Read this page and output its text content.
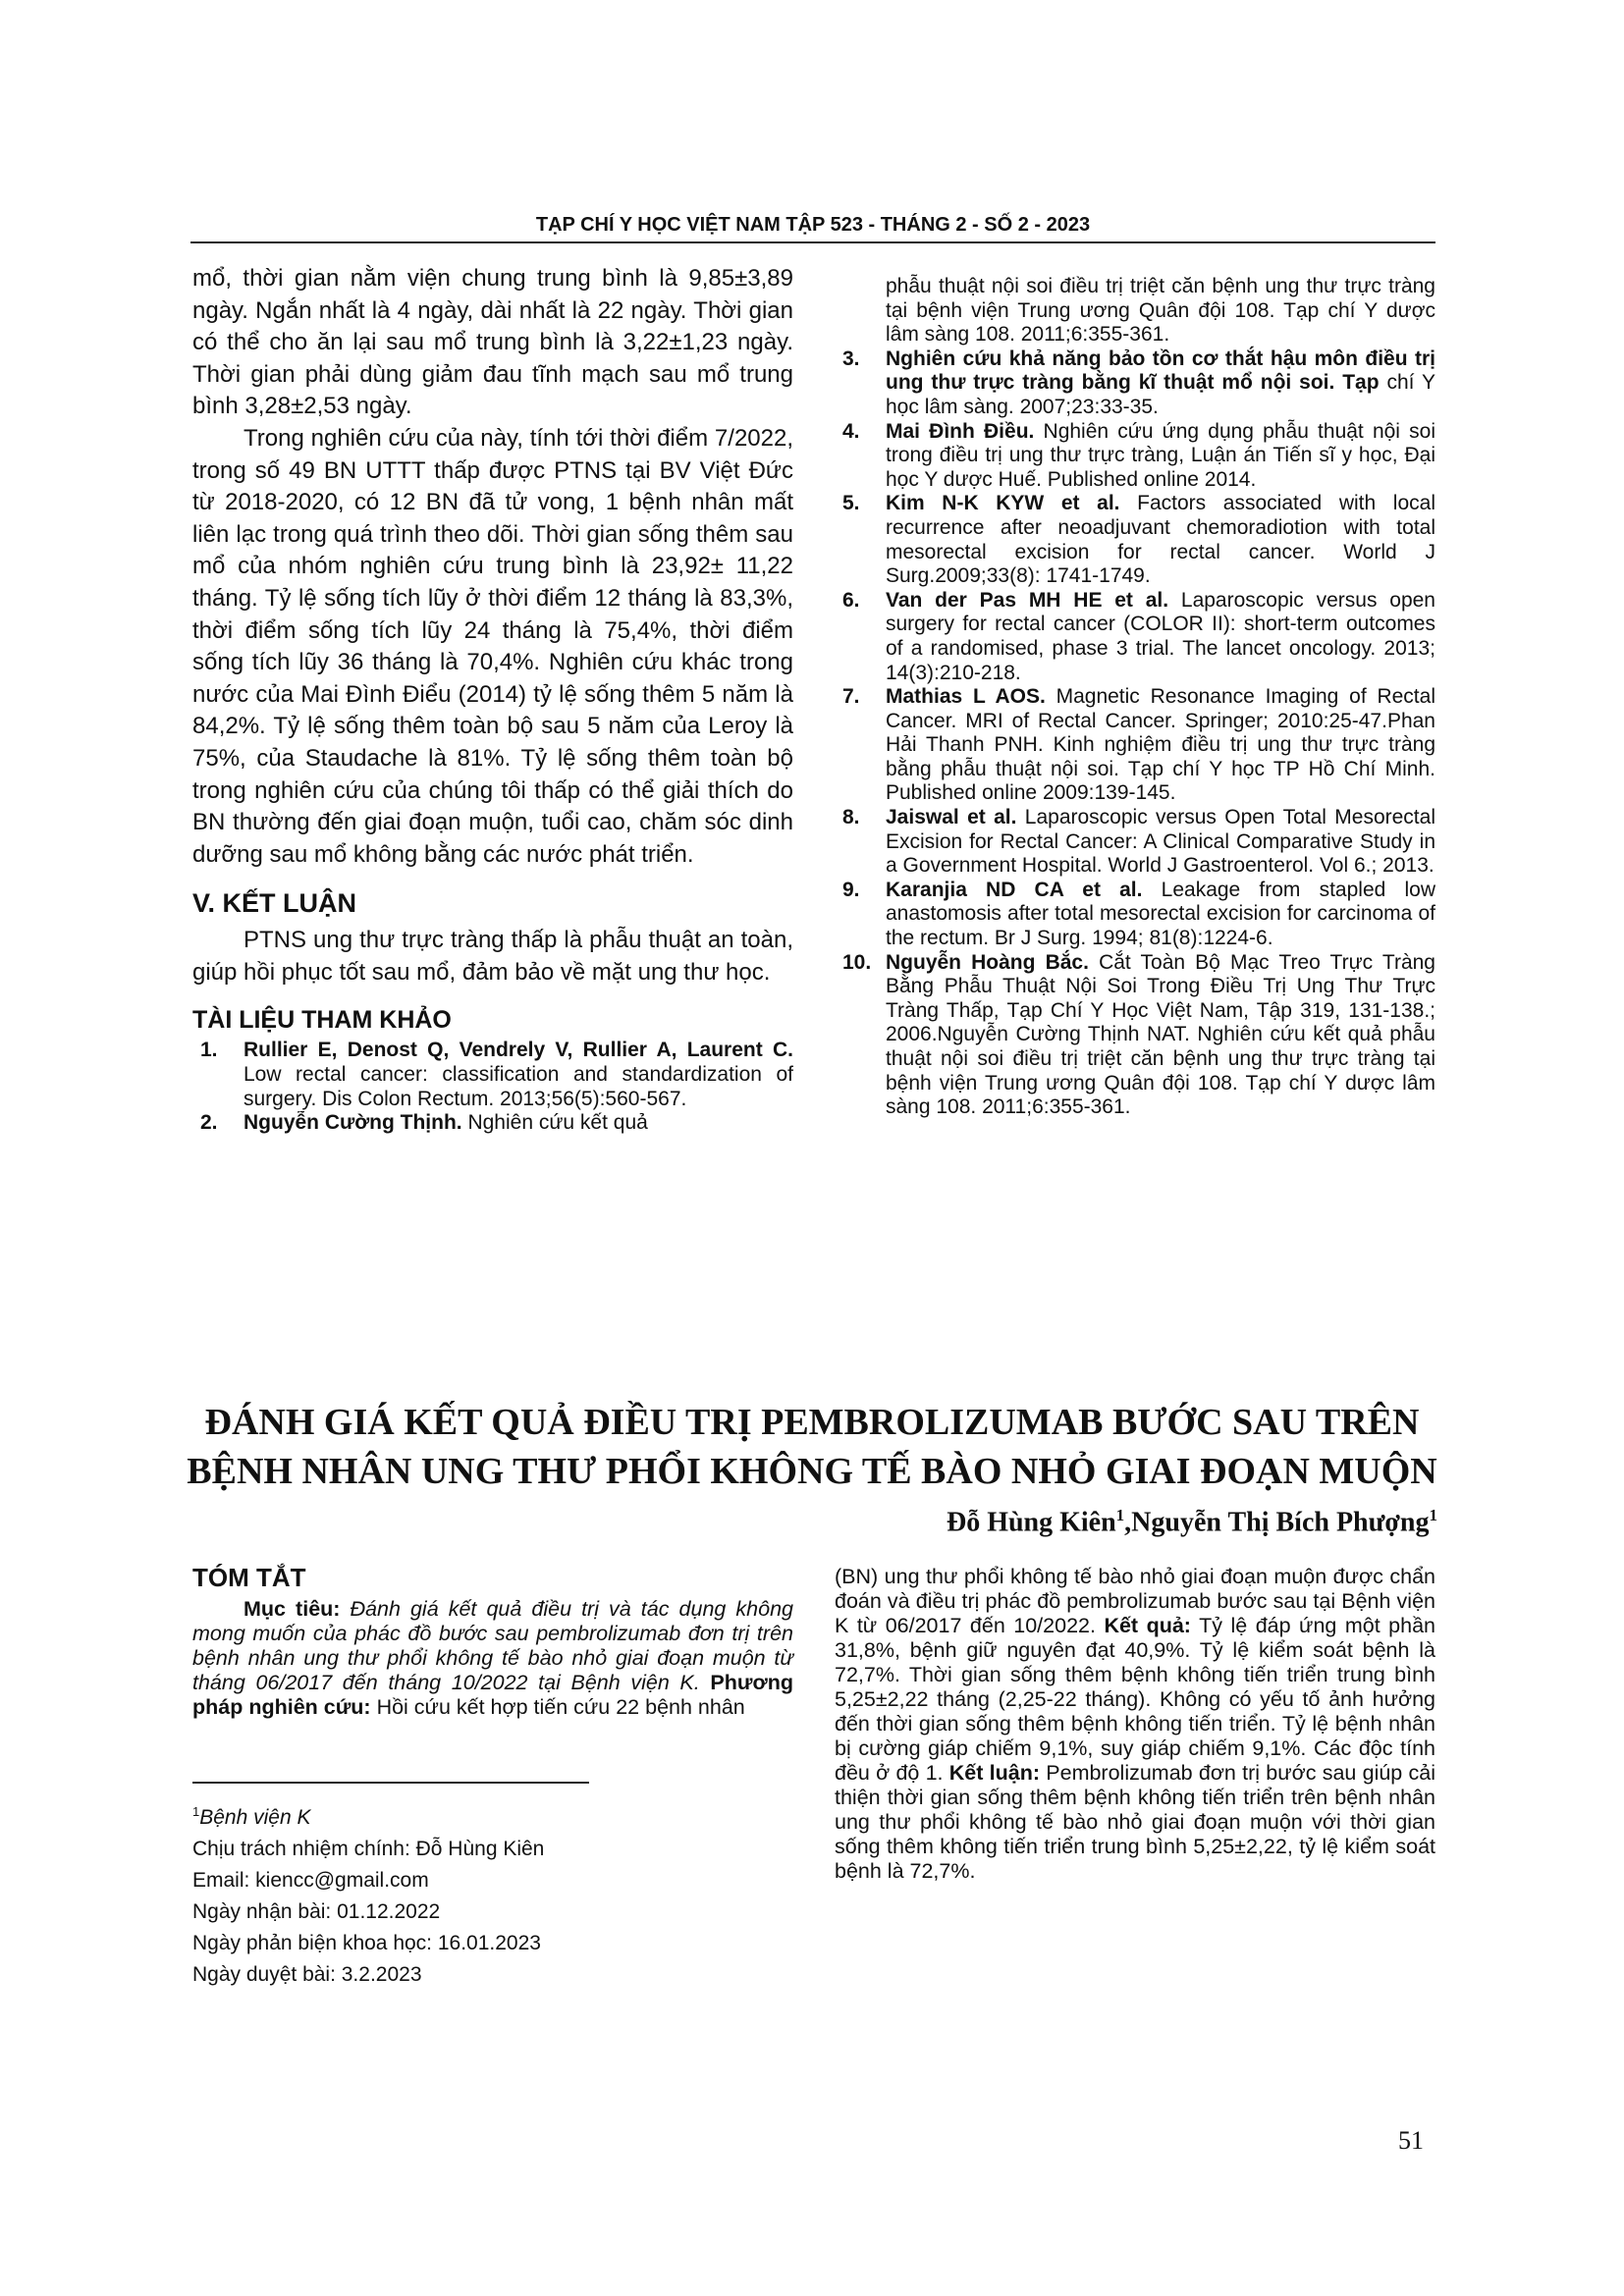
TẠP CHÍ Y HỌC VIỆT NAM TẬP 523 - THÁNG 2 - SỐ 2 - 2023

mổ, thời gian nằm viện chung trung bình là 9,85±3,89 ngày. Ngắn nhất là 4 ngày, dài nhất là 22 ngày. Thời gian có thể cho ăn lại sau mổ trung bình là 3,22±1,23 ngày. Thời gian phải dùng giảm đau tĩnh mạch sau mổ trung bình 3,28±2,53 ngày.

Trong nghiên cứu của này, tính tới thời điểm 7/2022, trong số 49 BN UTTT thấp được PTNS tại BV Việt Đức từ 2018-2020, có 12 BN đã tử vong, 1 bệnh nhân mất liên lạc trong quá trình theo dõi. Thời gian sống thêm sau mổ của nhóm nghiên cứu trung bình là 23,92± 11,22 tháng. Tỷ lệ sống tích lũy ở thời điểm 12 tháng là 83,3%, thời điểm sống tích lũy 24 tháng là 75,4%, thời điểm sống tích lũy 36 tháng là 70,4%. Nghiên cứu khác trong nước của Mai Đình Điểu (2014) tỷ lệ sống thêm 5 năm là 84,2%. Tỷ lệ sống thêm toàn bộ sau 5 năm của Leroy là 75%, của Staudache là 81%. Tỷ lệ sống thêm toàn bộ trong nghiên cứu của chúng tôi thấp có thể giải thích do BN thường đến giai đoạn muộn, tuổi cao, chăm sóc dinh dưỡng sau mổ không bằng các nước phát triển.

V. KẾT LUẬN

PTNS ung thư trực tràng thấp là phẫu thuật an toàn, giúp hồi phục tốt sau mổ, đảm bảo về mặt ung thư học.

TÀI LIỆU THAM KHẢO
1.	Rullier E, Denost Q, Vendrely V, Rullier A, Laurent C. Low rectal cancer: classification and standardization of surgery. Dis Colon Rectum. 2013;56(5):560-567.
2.	Nguyễn Cường Thịnh. Nghiên cứu kết quả
phẫu thuật nội soi điều trị triệt căn bệnh ung thư trực tràng tại bệnh viện Trung ương Quân đội 108. Tạp chí Y dược lâm sàng 108. 2011;6:355-361.
3.	Nghiên cứu khả năng bảo tồn cơ thắt hậu môn điều trị ung thư trực tràng bằng kĩ thuật mổ nội soi. Tạp chí Y học lâm sàng. 2007;23:33-35.
4.	Mai Đình Điều. Nghiên cứu ứng dụng phẫu thuật nội soi trong điều trị ung thư trực tràng, Luận án Tiến sĩ y học, Đại học Y dược Huế. Published online 2014.
5.	Kim N-K KYW et al. Factors associated with local recurrence after neoadjuvant chemoradiotion with total mesorectal excision for rectal cancer. World J Surg.2009;33(8): 1741-1749.
6.	Van der Pas MH HE et al. Laparoscopic versus open surgery for rectal cancer (COLOR II): short-term outcomes of a randomised, phase 3 trial. The lancet oncology. 2013; 14(3):210-218.
7.	Mathias L AOS. Magnetic Resonance Imaging of Rectal Cancer. MRI of Rectal Cancer. Springer; 2010:25-47.Phan Hải Thanh PNH. Kinh nghiệm điều trị ung thư trực tràng bằng phẫu thuật nội soi. Tạp chí Y học TP Hồ Chí Minh. Published online 2009:139-145.
8.	Jaiswal et al. Laparoscopic versus Open Total Mesorectal Excision for Rectal Cancer: A Clinical Comparative Study in a Government Hospital. World J Gastroenterol. Vol 6.; 2013.
9.	Karanjia ND CA et al. Leakage from stapled low anastomosis after total mesorectal excision for carcinoma of the rectum. Br J Surg. 1994; 81(8):1224-6.
10. Nguyễn Hoàng Bắc. Cắt Toàn Bộ Mạc Treo Trực Tràng Bằng Phẫu Thuật Nội Soi Trong Điều Trị Ung Thư Trực Tràng Thấp, Tạp Chí Y Học Việt Nam, Tập 319, 131-138.; 2006.Nguyễn Cường Thịnh NAT. Nghiên cứu kết quả phẫu thuật nội soi điều trị triệt căn bệnh ung thư trực tràng tại bệnh viện Trung ương Quân đội 108. Tạp chí Y dược lâm sàng 108. 2011;6:355-361.
ĐÁNH GIÁ KẾT QUẢ ĐIỀU TRỊ PEMBROLIZUMAB BƯỚC SAU TRÊN
BỆNH NHÂN UNG THƯ PHỔI KHÔNG TẾ BÀO NHỎ GIAI ĐOẠN MUỘN
Đỗ Hùng Kiên$^1$,Nguyễn Thị Bích Phượng$^1$
TÓM TẮT
Mục tiêu: Đánh giá kết quả điều trị và tác dụng không mong muốn của phác đồ bước sau pembrolizumab đơn trị trên bệnh nhân ung thư phổi không tế bào nhỏ giai đoạn muộn từ tháng 06/2017 đến tháng 10/2022 tại Bệnh viện K. Phương pháp nghiên cứu: Hồi cứu kết hợp tiến cứu 22 bệnh nhân
$^1$Bệnh viện K
Chịu trách nhiệm chính: Đỗ Hùng Kiên
Email: kiencc@gmail.com
Ngày nhận bài: 01.12.2022
Ngày phản biện khoa học: 16.01.2023
Ngày duyệt bài: 3.2.2023
(BN) ung thư phổi không tế bào nhỏ giai đoạn muộn được chẩn đoán và điều trị phác đồ pembrolizumab bước sau tại Bệnh viện K từ 06/2017 đến 10/2022. Kết quả: Tỷ lệ đáp ứng một phần 31,8%, bệnh giữ nguyên đạt 40,9%. Tỷ lệ kiểm soát bệnh là 72,7%. Thời gian sống thêm bệnh không tiến triển trung bình 5,25±2,22 tháng (2,25-22 tháng). Không có yếu tố ảnh hưởng đến thời gian sống thêm bệnh không tiến triển. Tỷ lệ bệnh nhân bị cường giáp chiếm 9,1%, suy giáp chiếm 9,1%. Các độc tính đều ở độ 1. Kết luận: Pembrolizumab đơn trị bước sau giúp cải thiện thời gian sống thêm bệnh không tiến triển trên bệnh nhân ung thư phổi không tế bào nhỏ giai đoạn muộn với thời gian sống thêm không tiến triển trung bình 5,25±2,22, tỷ lệ kiểm soát bệnh là 72,7%.
51
